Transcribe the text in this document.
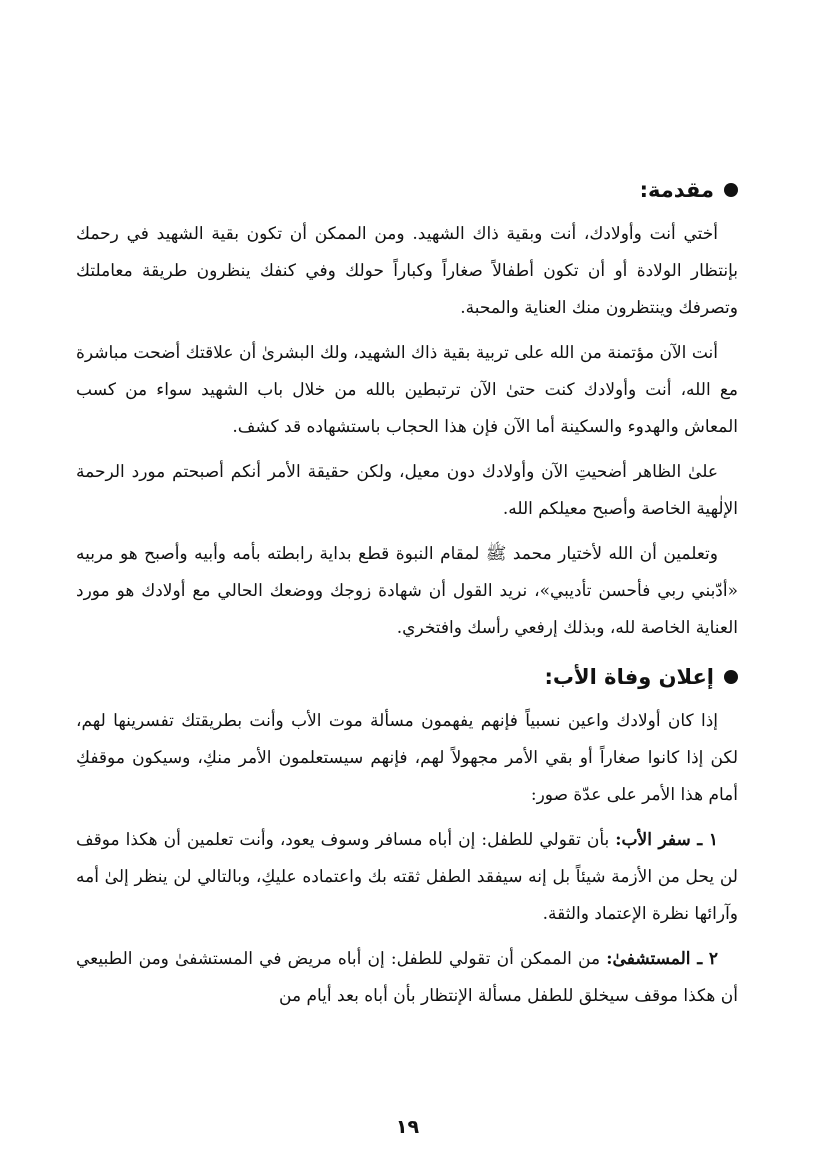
مقدمة:

أختي أنت وأولادك، أنت وبقية ذاك الشهيد. ومن الممكن أن تكون بقية الشهيد في رحمك بإنتظار الولادة أو أن تكون أطفالاً صغاراً وكباراً حولك وفي كنفك ينظرون طريقة معاملتك وتصرفك وينتظرون منك العناية والمحبة.

أنت الآن مؤتمنة من الله على تربية بقية ذاك الشهيد، ولك البشرىٰ أن علاقتك أضحت مباشرة مع الله، أنت وأولادك كنت حتىٰ الآن ترتبطين بالله من خلال باب الشهيد سواء من كسب المعاش والهدوء والسكينة أما الآن فإن هذا الحجاب باستشهاده قد كشف.

علىٰ الظاهر أضحيتِ الآن وأولادك دون معيل، ولكن حقيقة الأمر أنكم أصبحتم مورد الرحمة الإلٰهية الخاصة وأصبح معيلكم الله.

وتعلمين أن الله لأختيار محمد ﷺ لمقام النبوة قطع بداية رابطته بأمه وأبيه وأصبح هو مربيه «أدّبني ربي فأحسن تأديبي»، نريد القول أن شهادة زوجك ووضعك الحالي مع أولادك هو مورد العناية الخاصة لله، وبذلك إرفعي رأسك وافتخري.

إعلان وفاة الأب:

إذا كان أولادك واعين نسبياً فإنهم يفهمون مسألة موت الأب وأنت بطريقتك تفسرينها لهم، لكن إذا كانوا صغاراً أو بقي الأمر مجهولاً لهم، فإنهم سيستعلمون الأمر منكِ، وسيكون موقفكِ أمام هذا الأمر على عدّة صور:

١ ـ سفر الأب: بأن تقولي للطفل: إن أباه مسافر وسوف يعود، وأنت تعلمين أن هكذا موقف لن يحل من الأزمة شيئاً بل إنه سيفقد الطفل ثقته بك واعتماده عليكِ، وبالتالي لن ينظر إلىٰ أمه وآرائها نظرة الإعتماد والثقة.

٢ ـ المستشفىٰ: من الممكن أن تقولي للطفل: إن أباه مريض في المستشفىٰ ومن الطبيعي أن هكذا موقف سيخلق للطفل مسألة الإنتظار بأن أباه بعد أيام من

١٩
